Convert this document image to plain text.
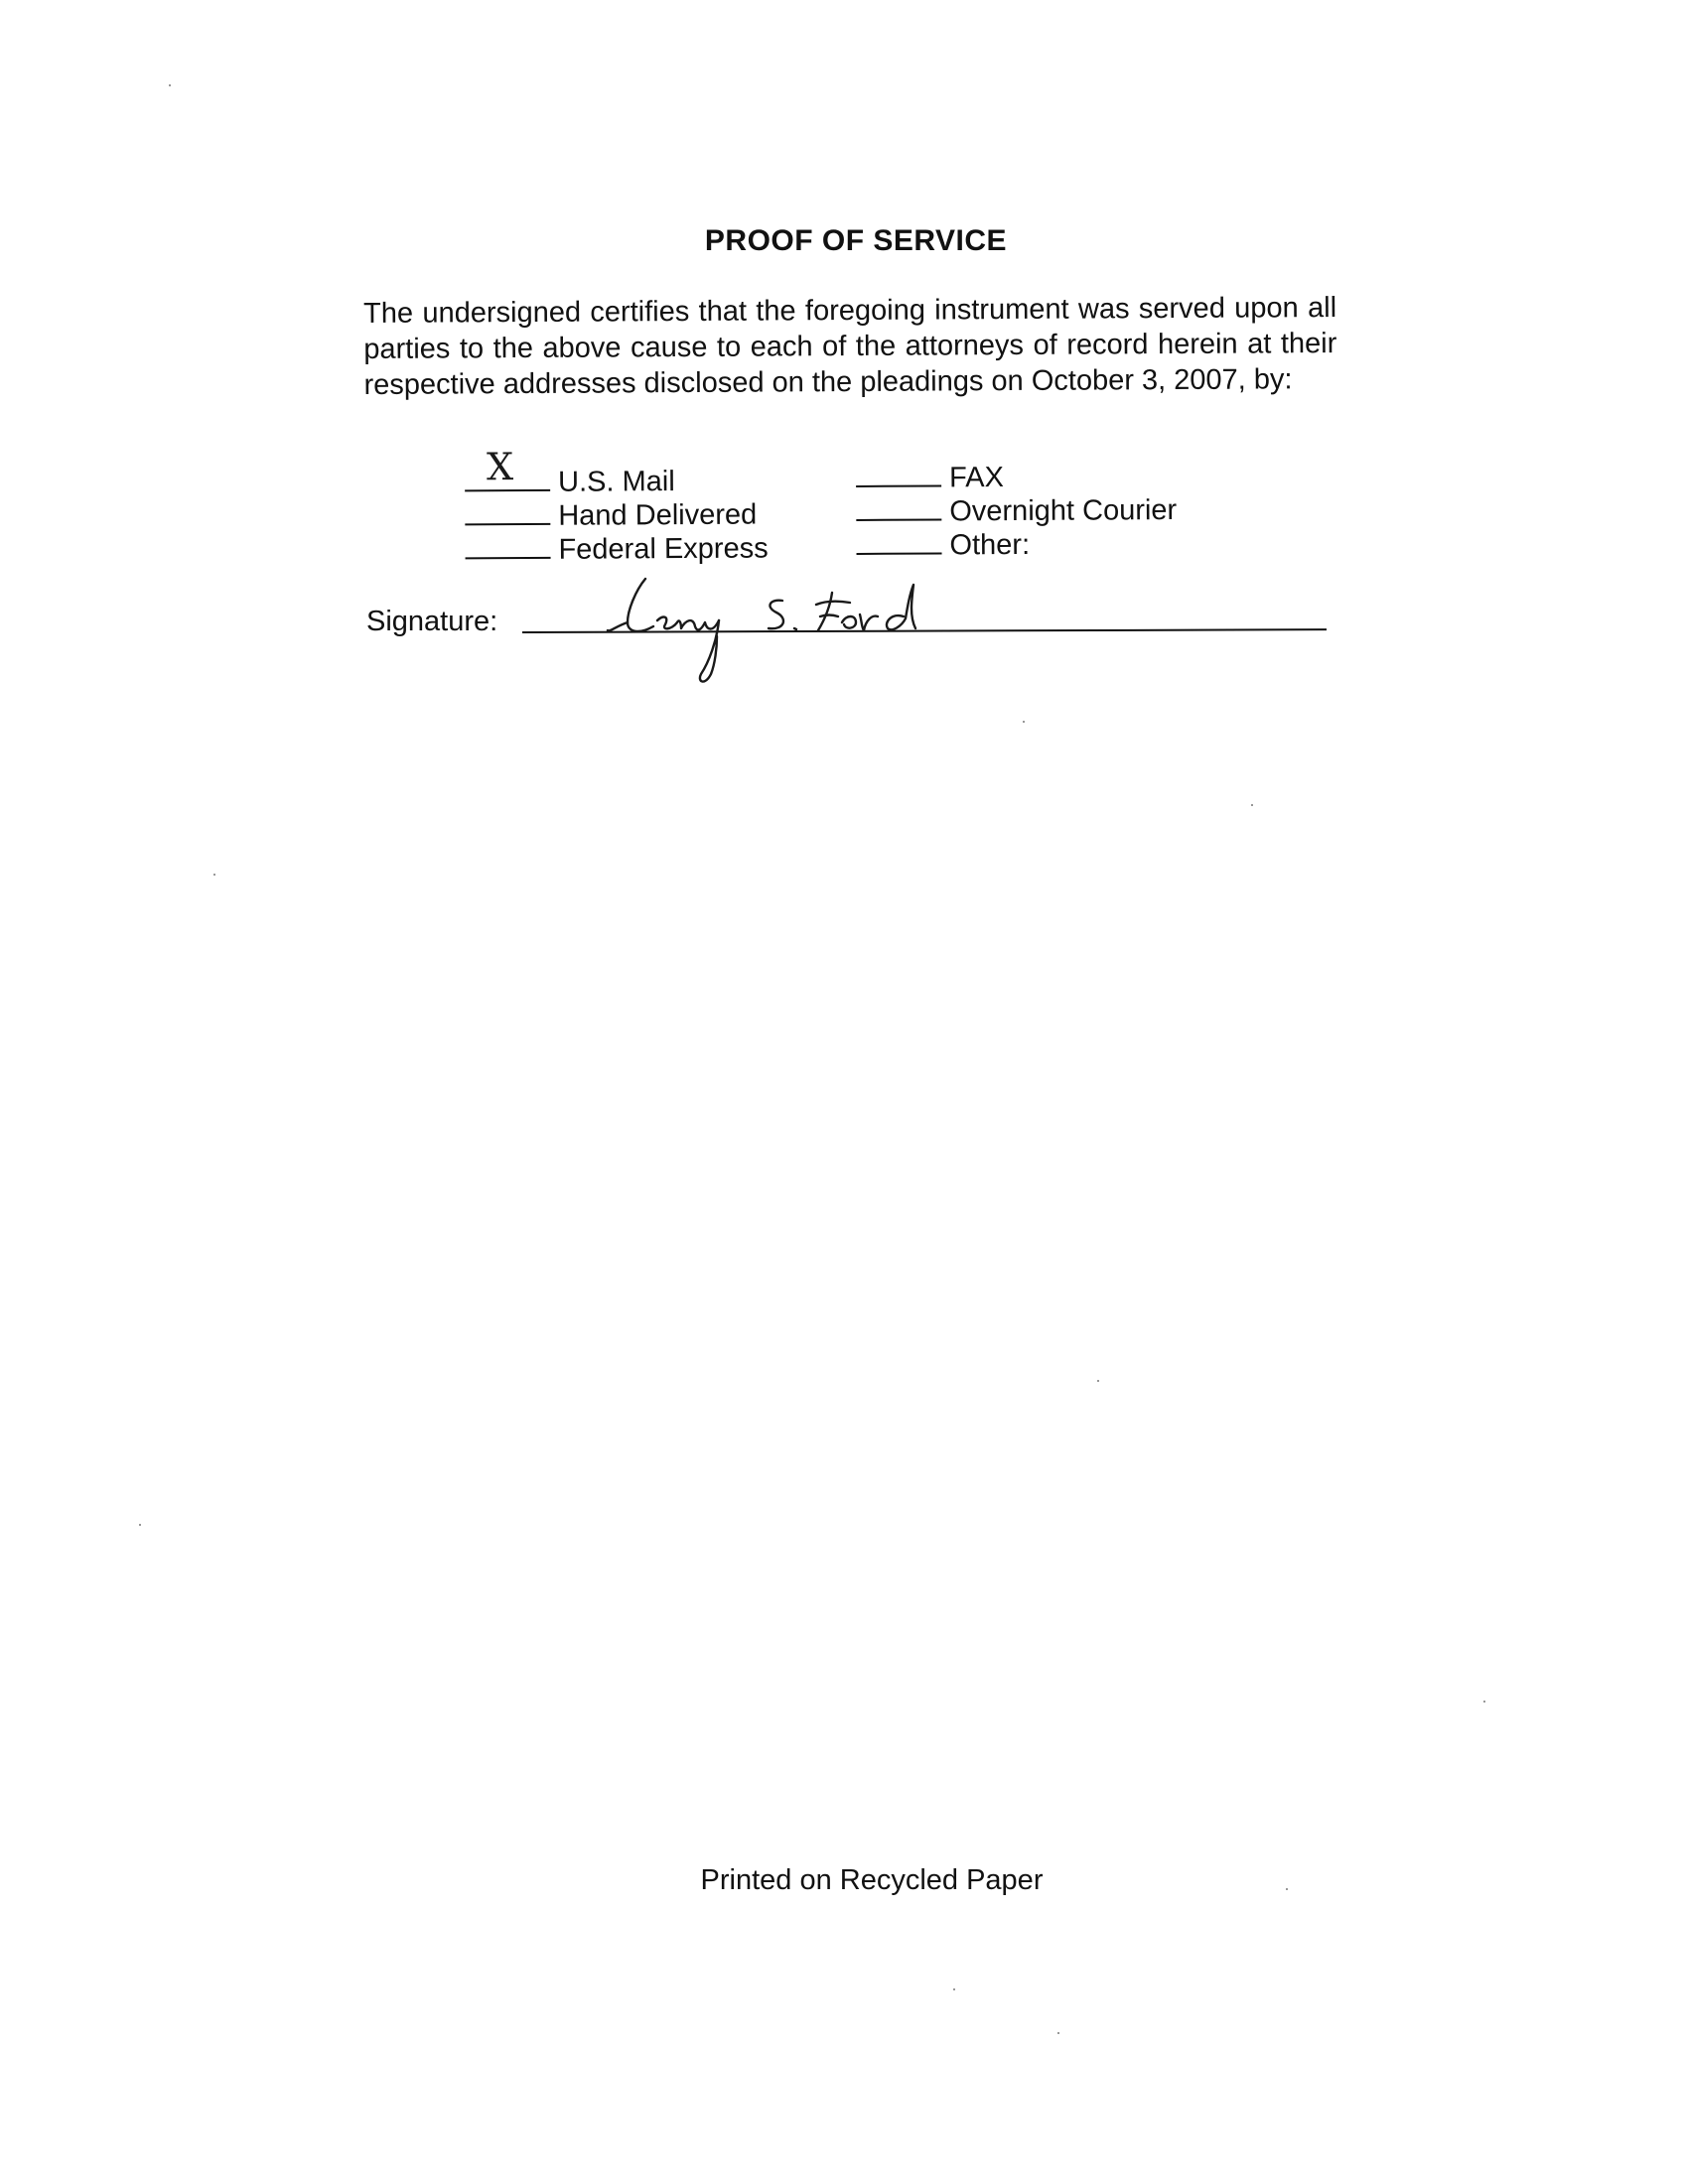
PROOF OF SERVICE
The undersigned certifies that the foregoing instrument was served upon all parties to the above cause to each of the attorneys of record herein at their respective addresses disclosed on the pleadings on October 3, 2007, by:
X U.S. Mail
Hand Delivered
Federal Express
FAX
Overnight Courier
Other:
Signature:
Printed on Recycled Paper
